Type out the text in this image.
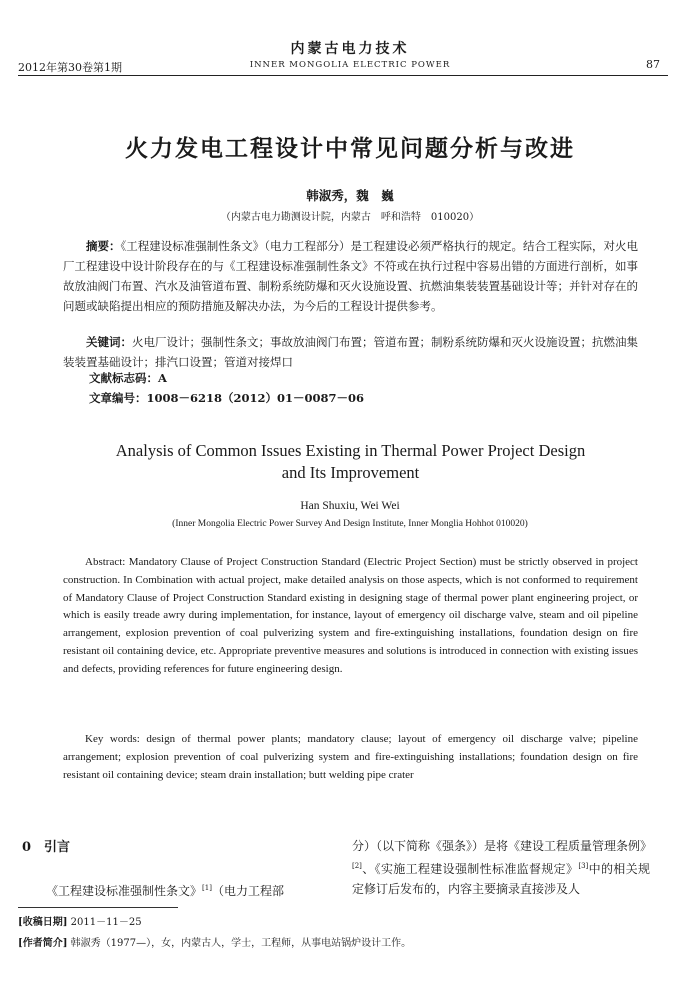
内蒙古电力技术
2012年第30卷第1期	INNER MONGOLIA ELECTRIC POWER	87
火力发电工程设计中常见问题分析与改进
韩淑秀，魏　巍
（内蒙古电力勘测设计院，内蒙古　呼和浩特　010020）
摘要：《工程建设标准强制性条文》（电力工程部分）是工程建设必须严格执行的规定。结合工程实际，对火电厂工程建设中设计阶段存在的与《工程建设标准强制性条文》不符或在执行过程中容易出错的方面进行剖析，如事故放油阀门布置、汽水及油管道布置、制粉系统防爆和灭火设施设置、抗燃油集装装置基础设计等；并针对存在的问题或缺陷提出相应的预防措施及解决办法，为今后的工程设计提供参考。
关键词：火电厂设计；强制性条文；事故放油阀门布置；管道布置；制粉系统防爆和灭火设施设置；抗燃油集装装置基础设计；排汽口设置；管道对接焊口
文献标志码：A
文章编号：1008－6218（2012）01－0087－06
Analysis of Common Issues Existing in Thermal Power Project Design
and Its Improvement
Han Shuxiu, Wei Wei
(Inner Mongolia Electric Power Survey And Design Institute, Inner Monglia Hohhot 010020)
Abstract: Mandatory Clause of Project Construction Standard (Electric Project Section) must be strictly observed in project construction. In Combination with actual project, make detailed analysis on those aspects, which is not conformed to requirement of Mandatory Clause of Project Construction Standard existing in designing stage of thermal power plant engineering project, or which is easily treade awry during implementation, for instance, layout of emergency oil discharge valve, steam and oil pipeline arrangement, explosion prevention of coal pulverizing system and fire-extinguishing installations, foundation design on fire resistant oil containing device, etc. Appropriate preventive measures and solutions is introduced in connection with existing issues and defects, providing references for future engineering design.
Key words: design of thermal power plants; mandatory clause; layout of emergency oil discharge valve; pipeline arrangement; explosion prevention of coal pulverizing system and fire-extinguishing installations; foundation design on fire resistant oil containing device; steam drain installation; butt welding pipe crater
0　引言
《工程建设标准强制性条文》[1]（电力工程部
分）（以下简称《强条》）是将《建设工程质量管理条例》[2]、《实施工程建设强制性标准监督规定》[3]中的相关规定修订后发布的，内容主要摘录直接涉及人
[收稿日期] 2011－11－25
[作者简介] 韩淑秀（1977—），女，内蒙古人，学士，工程师，从事电站锅炉设计工作。
